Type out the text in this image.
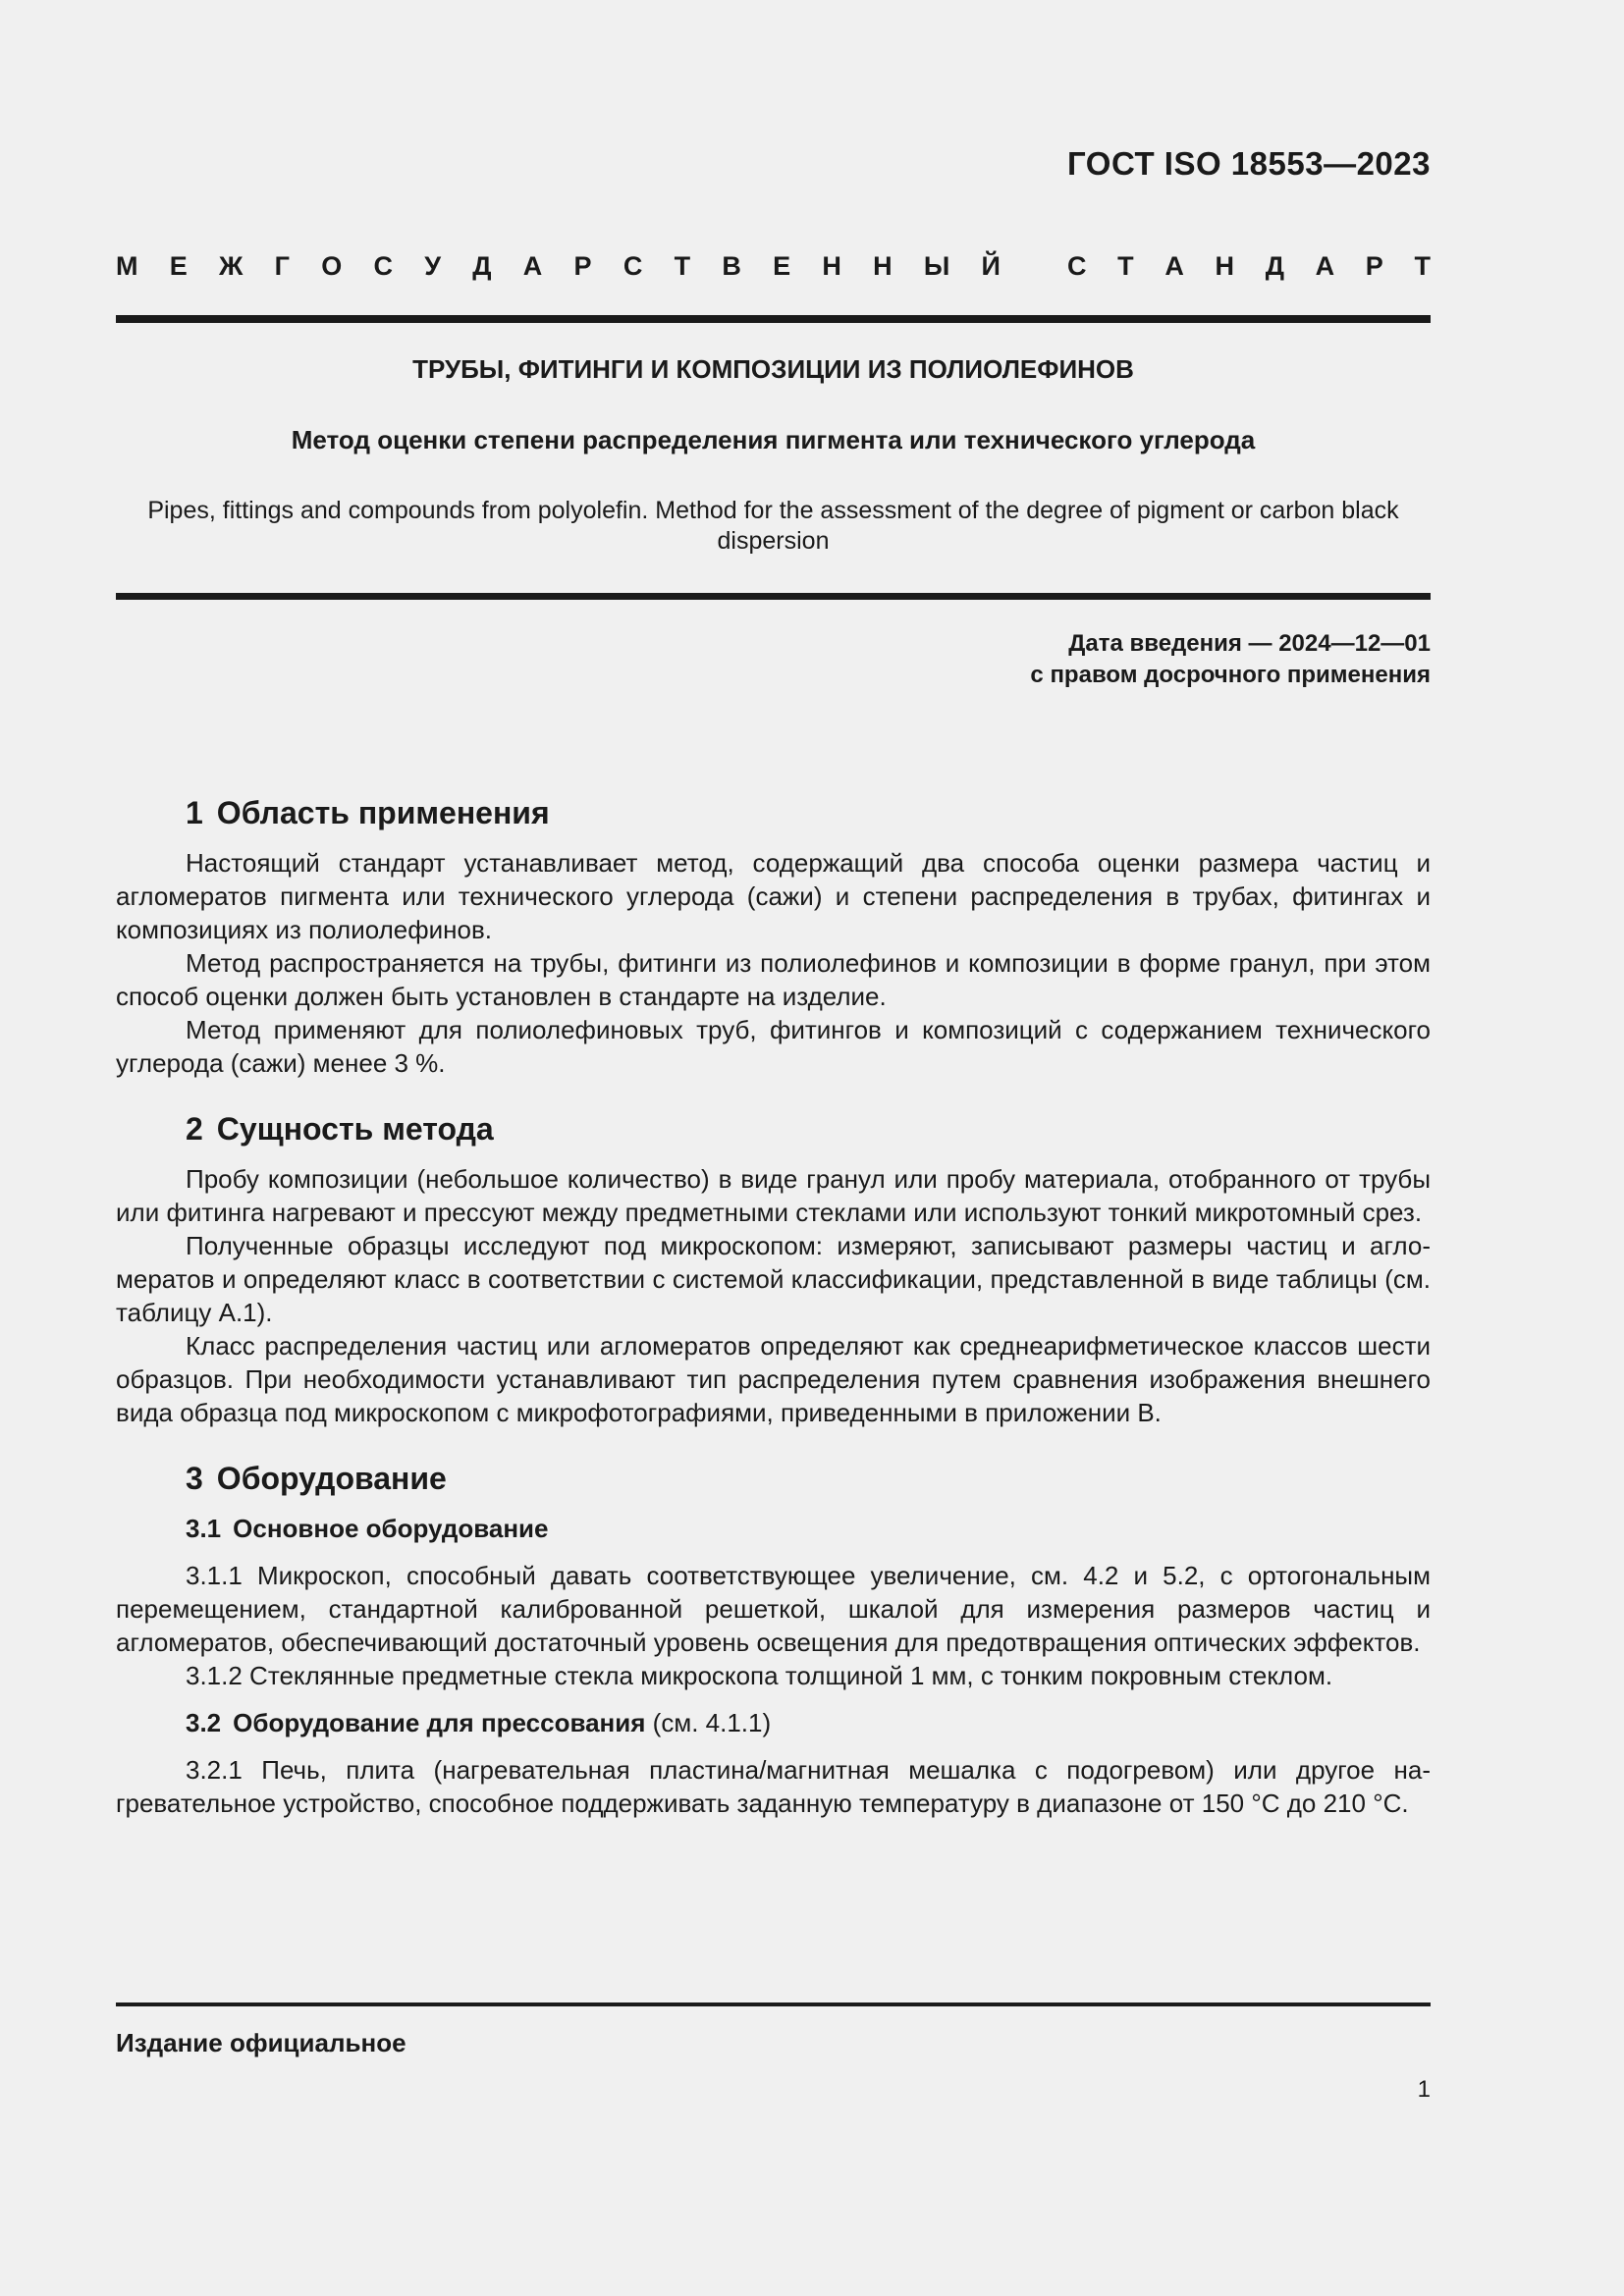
ГОСТ ISO 18553—2023
М Е Ж Г О С У Д А Р С Т В Е Н Н Ы Й	С Т А Н Д А Р Т
ТРУБЫ, ФИТИНГИ И КОМПОЗИЦИИ ИЗ ПОЛИОЛЕФИНОВ
Метод оценки степени распределения пигмента или технического углерода
Pipes, fittings and compounds from polyolefin. Method for the assessment of the degree of pigment or carbon black
dispersion
Дата введения — 2024—12—01
с правом досрочного применения
1 Область применения

Настоящий стандарт устанавливает метод, содержащий два способа оценки размера частиц и агломератов пигмента или технического углерода (сажи) и степени распределения в трубах, фитингах и композициях из полиолефинов.

Метод распространяется на трубы, фитинги из полиолефинов и композиции в форме гранул, при этом способ оценки должен быть установлен в стандарте на изделие.

Метод применяют для полиолефиновых труб, фитингов и композиций с содержанием технического углерода (сажи) менее 3 %.

2 Сущность метода

Пробу композиции (небольшое количество) в виде гранул или пробу материала, отобранного от трубы или фитинга нагревают и прессуют между предметными стеклами или используют тонкий микротомный срез.

Полученные образцы исследуют под микроскопом: измеряют, записывают размеры частиц и агломератов и определяют класс в соответствии с системой классификации, представленной в виде таблицы (см. таблицу А.1).

Класс распределения частиц или агломератов определяют как среднеарифметическое классов шести образцов. При необходимости устанавливают тип распределения путем сравнения изображения внешнего вида образца под микроскопом с микрофотографиями, приведенными в приложении В.

3 Оборудование
3.1 Основное оборудование

3.1.1 Микроскоп, способный давать соответствующее увеличение, см. 4.2 и 5.2, с ортогональным перемещением, стандартной калиброванной решеткой, шкалой для измерения размеров частиц и агломератов, обеспечивающий достаточный уровень освещения для предотвращения оптических эффектов.

3.1.2 Стеклянные предметные стекла микроскопа толщиной 1 мм, с тонким покровным стеклом.

3.2 Оборудование для прессования (см. 4.1.1)

3.2.1 Печь, плита (нагревательная пластина/магнитная мешалка с подогревом) или другое нагревательное устройство, способное поддерживать заданную температуру в диапазоне от 150 °С до 210 °С.

Издание официальное
1
